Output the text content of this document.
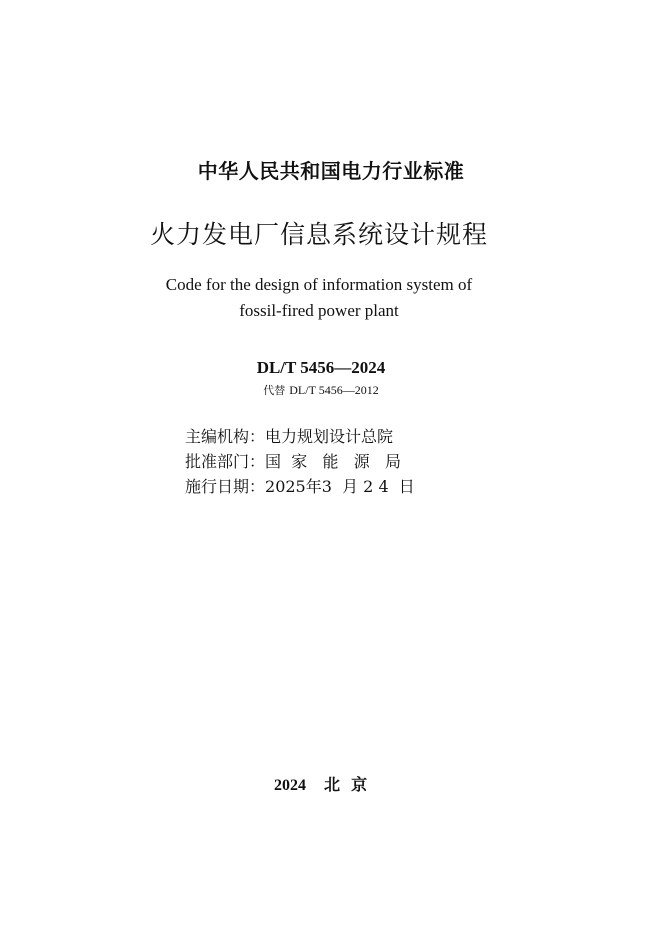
中华人民共和国电力行业标准
火力发电厂信息系统设计规程
Code for the design of information system of
fossil-fired power plant
DL/T 5456—2024
代替 DL/T 5456—2012
主编机构：电力规划设计总院
批准部门：国  家   能   源   局
施行日期：2025年3  月 2 4  日
2024 北  京
